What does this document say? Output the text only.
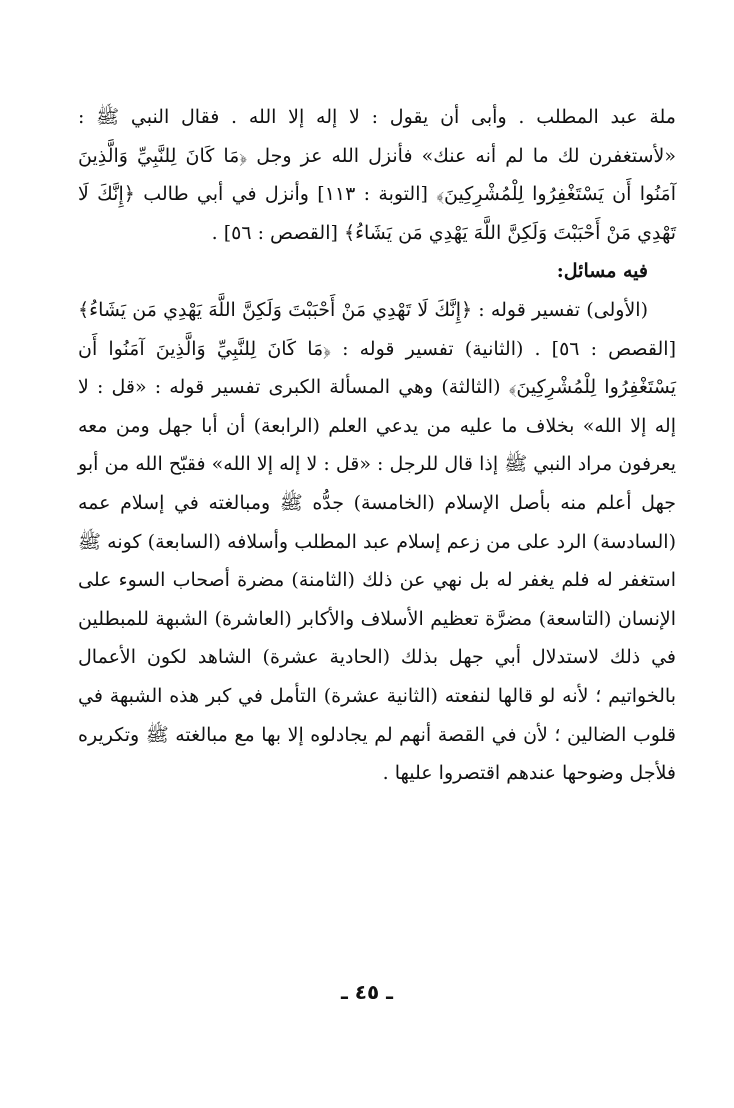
ملة عبد المطلب . وأبى أن يقول : لا إله إلا الله . فقال النبي ﷺ : «لأستغفرن لك ما لم أنه عنك» فأنزل الله عز وجل ﴿مَا كَانَ لِلنَّبِيِّ وَالَّذِينَ آمَنُوا أَن يَسْتَغْفِرُوا لِلْمُشْرِكِينَ﴾ [التوبة : ١١٣] وأنزل في أبي طالب ﴿إِنَّكَ لَا تَهْدِي مَنْ أَحْبَبْتَ وَلَكِنَّ اللَّهَ يَهْدِي مَن يَشَاءُ﴾ [القصص : ٥٦] .

فيه مسائل:

(الأولى) تفسير قوله : ﴿إِنَّكَ لَا تَهْدِي مَنْ أَحْبَبْتَ وَلَكِنَّ اللَّهَ يَهْدِي مَن يَشَاءُ﴾ [القصص : ٥٦] . (الثانية) تفسير قوله : ﴿مَا كَانَ لِلنَّبِيِّ وَالَّذِينَ آمَنُوا أَن يَسْتَغْفِرُوا لِلْمُشْرِكِينَ﴾ (الثالثة) وهي المسألة الكبرى تفسير قوله : «قل : لا إله إلا الله» بخلاف ما عليه من يدعي العلم (الرابعة) أن أبا جهل ومن معه يعرفون مراد النبي ﷺ إذا قال للرجل : «قل : لا إله إلا الله» فقبّح الله من أبو جهل أعلم منه بأصل الإسلام (الخامسة) جدُّه ﷺ ومبالغته في إسلام عمه (السادسة) الرد على من زعم إسلام عبد المطلب وأسلافه (السابعة) كونه ﷺ استغفر له فلم يغفر له بل نهي عن ذلك (الثامنة) مضرة أصحاب السوء على الإنسان (التاسعة) مضرَّة تعظيم الأسلاف والأكابر (العاشرة) الشبهة للمبطلين في ذلك لاستدلال أبي جهل بذلك (الحادية عشرة) الشاهد لكون الأعمال بالخواتيم ؛ لأنه لو قالها لنفعته (الثانية عشرة) التأمل في كبر هذه الشبهة في قلوب الضالين ؛ لأن في القصة أنهم لم يجادلوه إلا بها مع مبالغته ﷺ وتكريره فلأجل وضوحها عندهم اقتصروا عليها .

ـ ٤٥ ـ
